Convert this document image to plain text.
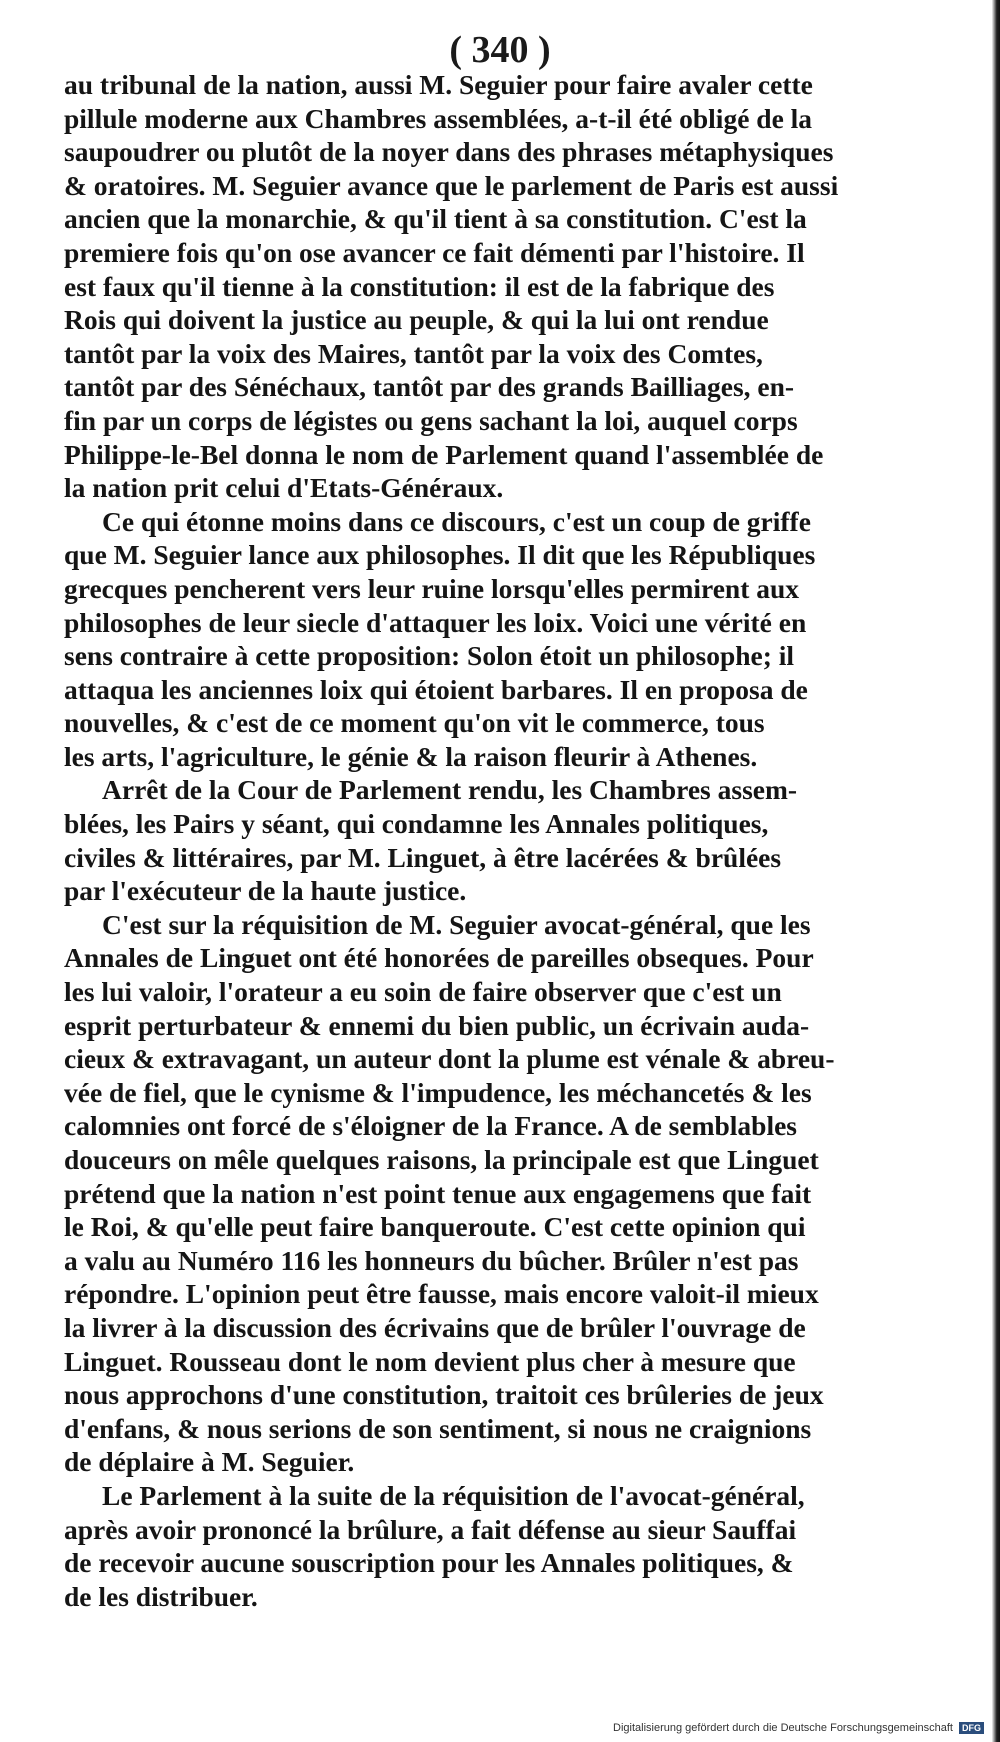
( 340 )
au tribunal de la nation, aussi M. Seguier pour faire avaler cette
pillule moderne aux Chambres assemblées, a-t-il été obligé de la
saupoudrer ou plutôt de la noyer dans des phrases métaphysiques
& oratoires. M. Seguier avance que le parlement de Paris est aussi
ancien que la monarchie, & qu'il tient à sa constitution. C'est la
premiere fois qu'on ose avancer ce fait démenti par l'histoire. Il
est faux qu'il tienne à la constitution: il est de la fabrique des
Rois qui doivent la justice au peuple, & qui la lui ont rendue
tantôt par la voix des Maires, tantôt par la voix des Comtes,
tantôt par des Sénéchaux, tantôt par des grands Bailliages, en-
fin par un corps de légistes ou gens sachant la loi, auquel corps
Philippe-le-Bel donna le nom de Parlement quand l'assemblée de
la nation prit celui d'Etats-Généraux.
Ce qui étonne moins dans ce discours, c'est un coup de griffe
que M. Seguier lance aux philosophes. Il dit que les Républiques
grecques pencherent vers leur ruine lorsqu'elles permirent aux
philosophes de leur siecle d'attaquer les loix. Voici une vérité en
sens contraire à cette proposition: Solon étoit un philosophe; il
attaqua les anciennes loix qui étoient barbares. Il en proposa de
nouvelles, & c'est de ce moment qu'on vit le commerce, tous
les arts, l'agriculture, le génie & la raison fleurir à Athenes.
Arrêt de la Cour de Parlement rendu, les Chambres assem-
blées, les Pairs y séant, qui condamne les Annales politiques,
civiles & littéraires, par M. Linguet, à être lacérées & brûlées
par l'exécuteur de la haute justice.
C'est sur la réquisition de M. Seguier avocat-général, que les
Annales de Linguet ont été honorées de pareilles obseques. Pour
les lui valoir, l'orateur a eu soin de faire observer que c'est un
esprit perturbateur & ennemi du bien public, un écrivain auda-
cieux & extravagant, un auteur dont la plume est vénale & abreu-
vée de fiel, que le cynisme & l'impudence, les méchancetés & les
calomnies ont forcé de s'éloigner de la France. A de semblables
douceurs on mêle quelques raisons, la principale est que Linguet
prétend que la nation n'est point tenue aux engagemens que fait
le Roi, & qu'elle peut faire banqueroute. C'est cette opinion qui
a valu au Numéro 116 les honneurs du bûcher. Brûler n'est pas
répondre. L'opinion peut être fausse, mais encore valoit-il mieux
la livrer à la discussion des écrivains que de brûler l'ouvrage de
Linguet. Rousseau dont le nom devient plus cher à mesure que
nous approchons d'une constitution, traitoit ces brûleries de jeux
d'enfans, & nous serions de son sentiment, si nous ne craignions
de déplaire à M. Seguier.
Le Parlement à la suite de la réquisition de l'avocat-général,
après avoir prononcé la brûlure, a fait défense au sieur Sauffai
de recevoir aucune souscription pour les Annales politiques, &
de les distribuer.
Digitalisierung gefördert durch die Deutsche Forschungsgemeinschaft	DFG
